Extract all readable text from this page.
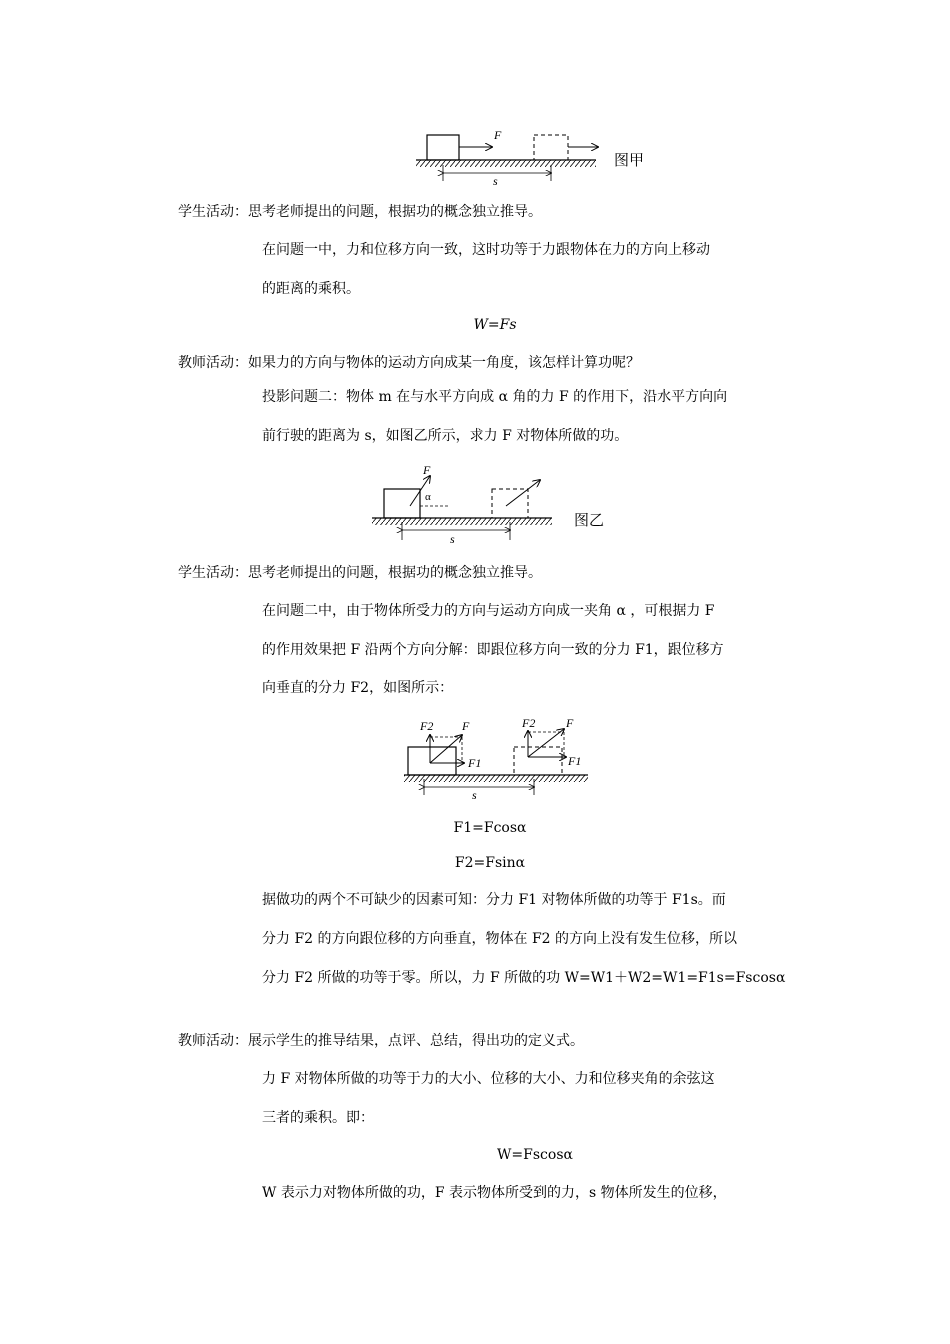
F
s
图甲
学生活动：思考老师提出的问题，根据功的概念独立推导。
在问题一中，力和位移方向一致，这时功等于力跟物体在力的方向上移动
的距离的乘积。
W=Fs
教师活动：如果力的方向与物体的运动方向成某一角度，该怎样计算功呢？
投影问题二：物体 m 在与水平方向成 α 角的力 F 的作用下，沿水平方向向
前行驶的距离为 s，如图乙所示，求力 F 对物体所做的功。
F
α
s
图乙
学生活动：思考老师提出的问题，根据功的概念独立推导。
在问题二中，由于物体所受力的方向与运动方向成一夹角 α ，可根据力 F
的作用效果把 F 沿两个方向分解：即跟位移方向一致的分力 F1，跟位移方
向垂直的分力 F2，如图所示：
F2 F
F1
F2	F
F1
s
F1=Fcosα
F2=Fsinα
据做功的两个不可缺少的因素可知：分力 F1 对物体所做的功等于 F1s。而
分力 F2 的方向跟位移的方向垂直，物体在 F2 的方向上没有发生位移，所以
分力 F2 所做的功等于零。所以，力 F 所做的功 W=W1＋W2=W1=F1s=Fscosα
教师活动：展示学生的推导结果，点评、总结，得出功的定义式。
力 F 对物体所做的功等于力的大小、位移的大小、力和位移夹角的余弦这
三者的乘积。即：
W=Fscosα
W 表示力对物体所做的功，F 表示物体所受到的力，s 物体所发生的位移，
